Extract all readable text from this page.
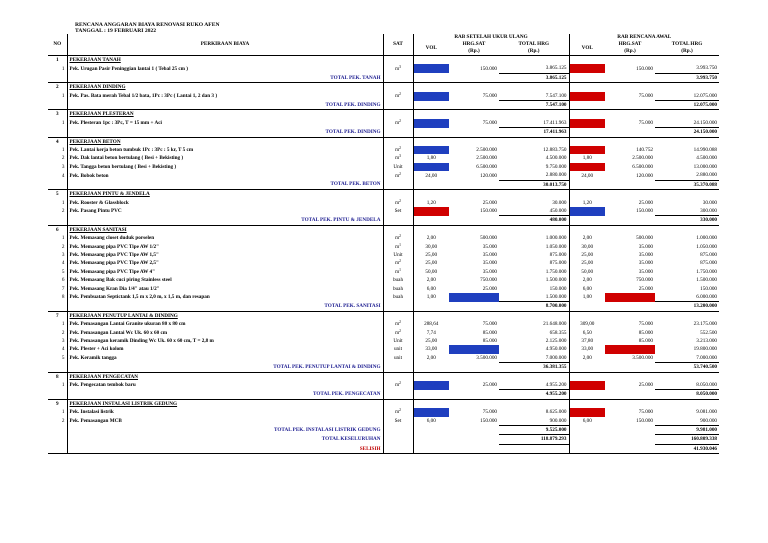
RENCANA ANGGARAN BIAYA RENOVASI RUKO AFEN
TANGGAL : 19 FEBRUARI 2022
NO	PERKIRAAN BIAYA	SAT	RAB SETELAH UKUR ULANG			RAB RENCANA AWAL		
			VOL	HRG.SAT	TOTAL HRG	VOL	HRG.SAT	TOTAL HRG
				(Rp.)	(Rp.)		(Rp.)	(Rp.)
1	PEKERJAAN TANAH							
1	Pek. Urugan Pasir Peninggian lantai 1 ( Tebal 25 cm )	$m^3$	25,77	150.000	3.865.125	26,63	150.000	3.993.750
	TOTAL PEK. TANAH				3.865.125			3.993.750
2	PEKERJAAN DINDING							
1	Pek. Pas. Bata merah Tebal 1/2 bata, 1Pc : 3Pc ( Lantai 1, 2 dan 3 )	$m^2$	100,63	75.000	7.547.100	161,00	75.000	12.075.000
	TOTAL PEK. DINDING				7.547.100			12.075.000
3	PEKERJAAN PLESTERAN							
1	Pek. Plesteran 1pc : 3Pc, T = 15 mm + Aci	$m^2$	232,16	75.000	17.411.963	322,00	75.000	24.150.000
	TOTAL PEK. DINDING				17.411.963			24.150.000
4	PEKERJAAN BETON							
1	Pek. Lantai kerja beton tumbuk 1Pc : 3Pc : 5 kr, T 5 cm	$m^2$	5,15	2.500.000	12.883.750	106,54	140.752	14.990.088
2	Pek. Dak lantai beton bertulang ( Besi + Bekisting )	$m^3$	1,80	2.500.000	4.500.000	1,80	2.500.000	4.500.000
3	Pek. Tangga beton bertulang ( Besi + Bekisting )	Unit	1,30	6.500.000	9.750.000	2,00	6.500.000	13.000.000
4	Pek. Bobok beton	$m^2$	24,00	120.000	2.880.000	24,00	120.000	2.880.000
	TOTAL PEK. BETON				30.013.750			35.370.088
5	PEKERJAAN PINTU & JENDELA							
1	Pek. Rooster & Glassblock	$m^2$	1,20	25.000	30.000	1,20	25.000	30.000
2	Pek. Pasang Pintu PVC	Set	3,00	150.000	450.000	2,00	150.000	300.000
	TOTAL PEK. PINTU & JENDELA				480.000			330.000
6	PEKERJAAN SANITASI							
1	Pek. Memasang closet duduk porselen	$m^2$	2,00	500.000	1.000.000	2,00	500.000	1.000.000
2	Pek. Memasang pipa PVC Tipe AW 1/2"	$m^1$	30,00	35.000	1.050.000	30,00	35.000	1.050.000
3	Pek. Memasang pipa PVC Tipe AW 1,5"	Unit	25,00	35.000	875.000	25,00	35.000	875.000
4	Pek. Memasang pipa PVC Tipe AW 2,5"	$m^2$	25,00	35.000	875.000	25,00	35.000	875.000
5	Pek. Memasang pipa PVC Tipe AW 4"	$m^1$	50,00	35.000	1.750.000	50,00	35.000	1.750.000
6	Pek. Memasang Bak cuci piring Stainless steel	buah	2,00	750.000	1.500.000	2,00	750.000	1.500.000
7	Pek. Memasang Kran Dia 1/4" atau 1/2"	buah	6,00	25.000	150.000	6,00	25.000	150.000
8	Pek. Pembuatan Septictank 1,5 m x 2,0 m, x 1,5 m, dan resapan	buah	1,00	1.500.000	1.500.000	1,00	6.000.000	6.000.000
	TOTAL PEK. SANITASI				8.700.000			13.200.000
7	PEKERJAAN PENUTUP LANTAI & DINDING							
1	Pek. Pemasangan Lantai Granite ukuran 80 x 80 cm	$m^2$	288,64	75.000	21.648.000	309,00	75.000	23.175.000
2	Pek. Pemasangan Lantai Wc Uk. 60 x 60 cm	$m^2$	7,74	85.000	658.355	6,50	85.000	552.500
3	Pek. Pemasangan keramik Dinding Wc Uk. 60 x 60 cm, T = 2,8 m	Unit	25,00	85.000	2.125.000	37,80	85.000	3.213.000
4	Pek. Plester + Aci kolom	unit	33,00	150.000	4.950.000	33,00	600.000	19.800.000
5	Pek. Keramik tangga	unit	2,00	3.500.000	7.000.000	2,00	3.500.000	7.000.000
	TOTAL PEK. PENUTUP LANTAI & DINDING				36.381.355			53.740.500
8	PEKERJAAN PENGECATAN							
1	Pek. Pengecatan tembok baru	$m^2$	198,20	25.000	4.955.200	322,00	25.000	8.050.000
	TOTAL PEK. PENGECATAN				4.955.200			8.050.000
9	PEKERJAAN INSTALASI LISTRIK GEDUNG							
1	Pek. Instalasi listrik	$m^2$	115,00	75.000	8.625.000	121,08	75.000	9.081.000
2	Pek. Pemasangan MCB	Set	6,00	150.000	900.000	6,00	150.000	900.000
	TOTAL PEK. INSTALASI LISTRIK GEDUNG				9.525.000			9.981.000
	TOTAL KESELURUHAN				118.879.293			160.809.338
	SELISIH							41.930.046
